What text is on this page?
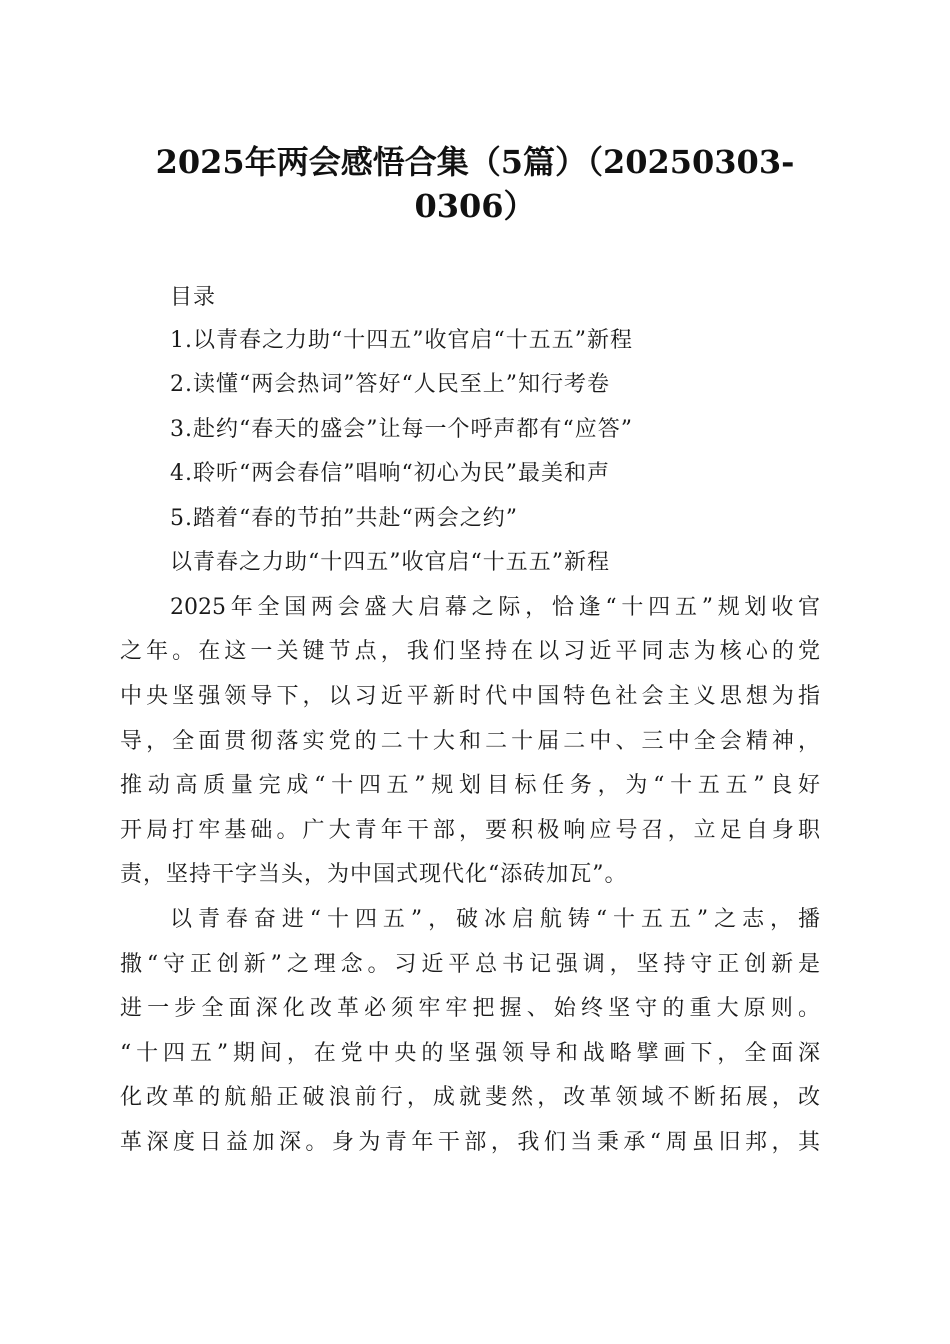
2025年两会感悟合集（5篇）（20250303-
0306）
目录
1.以青春之力助“十四五”收官启“十五五”新程
2.读懂“两会热词”答好“人民至上”知行考卷
3.赴约“春天的盛会”让每一个呼声都有“应答”
4.聆听“两会春信”唱响“初心为民”最美和声
5.踏着“春的节拍”共赴“两会之约”
以青春之力助“十四五”收官启“十五五”新程
2025年全国两会盛大启幕之际，恰逢“十四五”规划收官
之年。在这一关键节点，我们坚持在以习近平同志为核心的党
中央坚强领导下，以习近平新时代中国特色社会主义思想为指
导，全面贯彻落实党的二十大和二十届二中、三中全会精神，
推动高质量完成“十四五”规划目标任务，为“十五五”良好
开局打牢基础。广大青年干部，要积极响应号召，立足自身职
责，坚持干字当头，为中国式现代化“添砖加瓦”。
以青春奋进“十四五”，破冰启航铸“十五五”之志，播
撒“守正创新”之理念。习近平总书记强调，坚持守正创新是
进一步全面深化改革必须牢牢把握、始终坚守的重大原则。
“十四五”期间，在党中央的坚强领导和战略擘画下，全面深
化改革的航船正破浪前行，成就斐然，改革领域不断拓展，改
革深度日益加深。身为青年干部，我们当秉承“周虽旧邦，其
